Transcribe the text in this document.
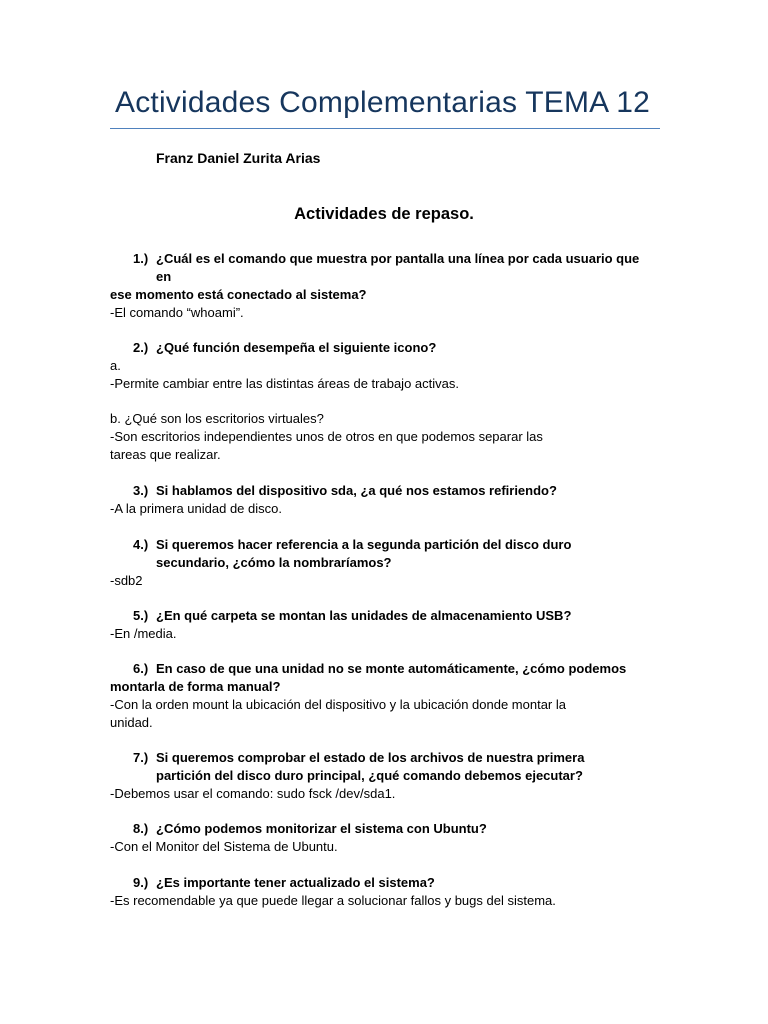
Actividades Complementarias TEMA 12
Franz Daniel Zurita Arias
Actividades de repaso.
1.) ¿Cuál es el comando que muestra por pantalla una línea por cada usuario que
en
ese momento está conectado al sistema?
-El comando “whoami”.
2.) ¿Qué función desempeña el siguiente icono?
a.
-Permite cambiar entre las distintas áreas de trabajo activas.
b. ¿Qué son los escritorios virtuales?
-Son escritorios independientes unos de otros en que podemos separar las
tareas que realizar.
3.) Si hablamos del dispositivo sda, ¿a qué nos estamos refiriendo?
-A la primera unidad de disco.
4.) Si queremos hacer referencia a la segunda partición del disco duro
secundario, ¿cómo la nombraríamos?
-sdb2
5.) ¿En qué carpeta se montan las unidades de almacenamiento USB?
-En /media.
6.) En caso de que una unidad no se monte automáticamente, ¿cómo podemos
montarla de forma manual?
-Con la orden mount la ubicación del dispositivo y la ubicación donde montar la
unidad.
7.) Si queremos comprobar el estado de los archivos de nuestra primera
partición del disco duro principal, ¿qué comando debemos ejecutar?
-Debemos usar el comando: sudo fsck /dev/sda1.
8.) ¿Cómo podemos monitorizar el sistema con Ubuntu?
-Con el Monitor del Sistema de Ubuntu.
9.) ¿Es importante tener actualizado el sistema?
-Es recomendable ya que puede llegar a solucionar fallos y bugs del sistema.
